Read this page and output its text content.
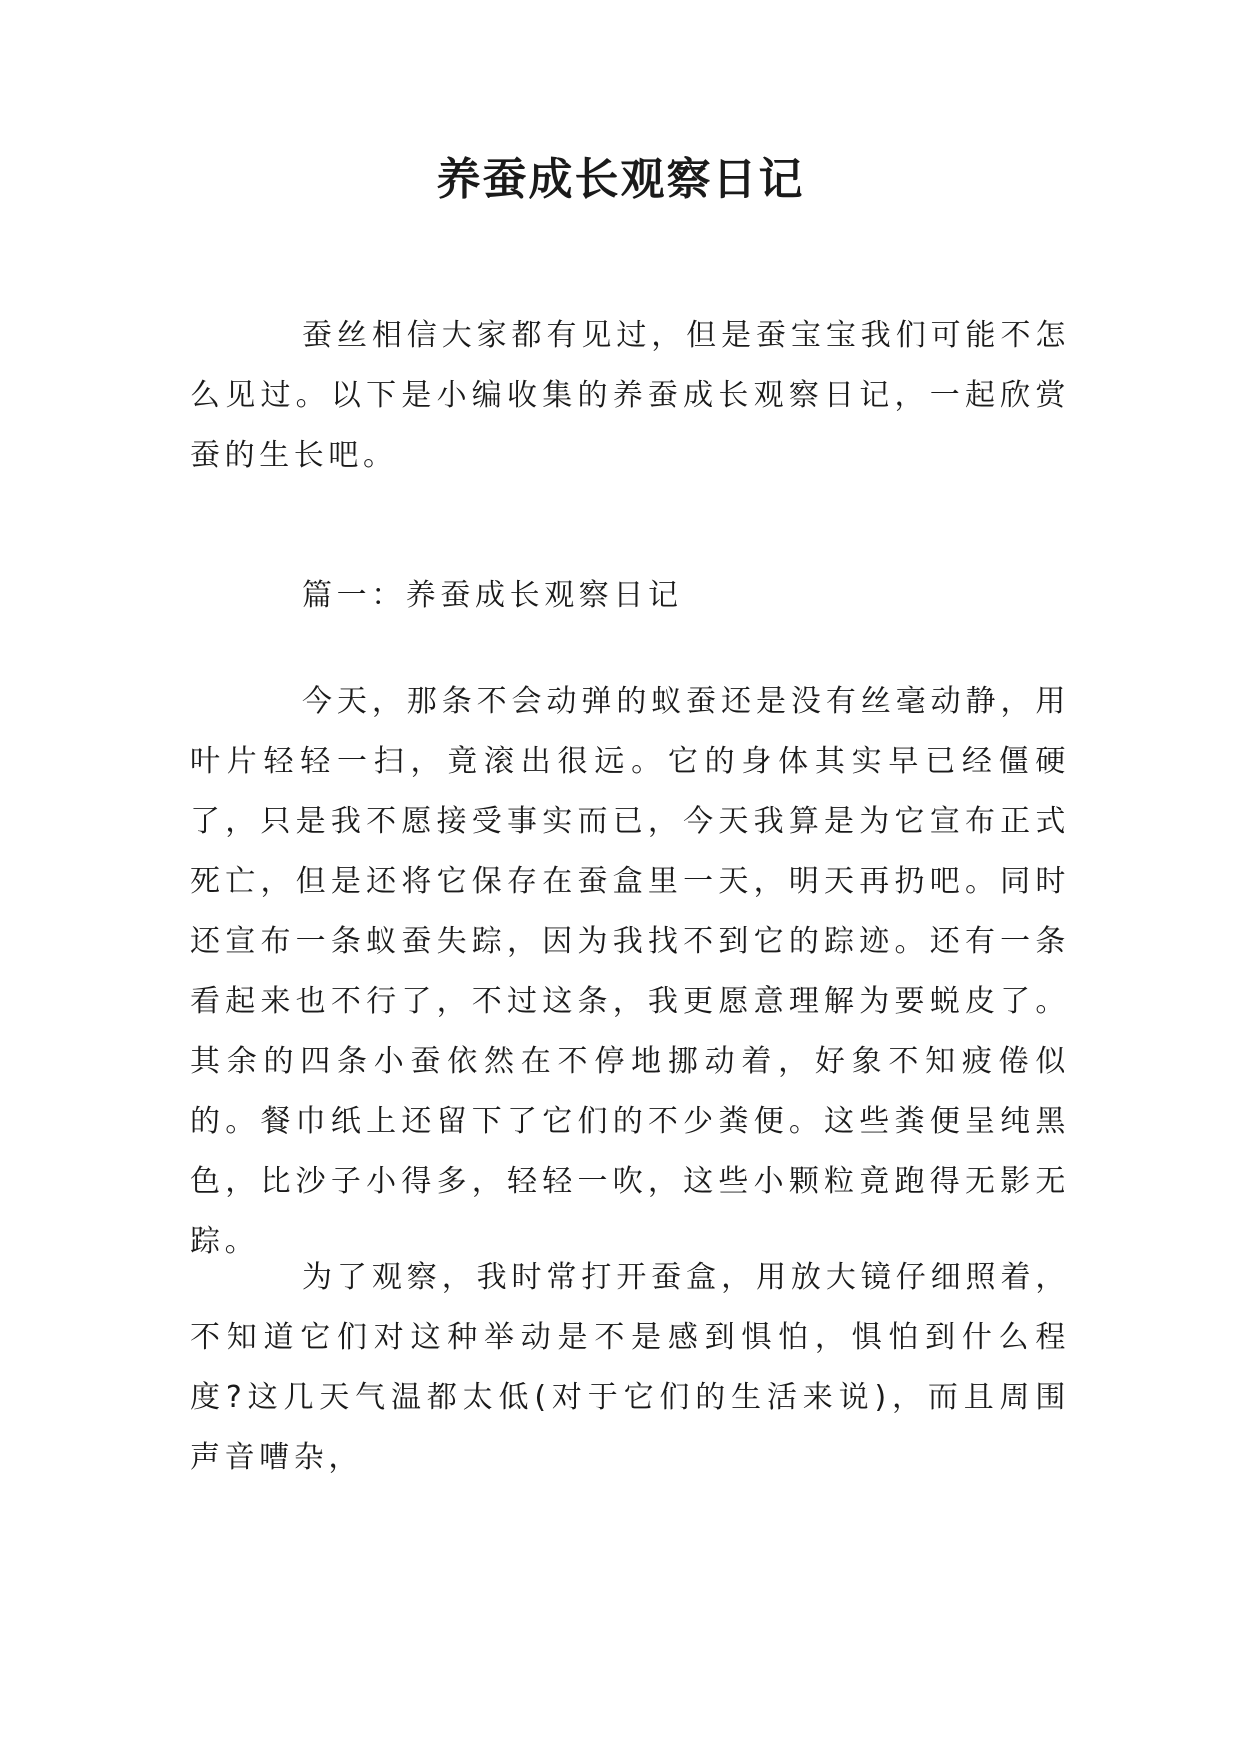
养蚕成长观察日记

蚕丝相信大家都有见过，但是蚕宝宝我们可能不怎么见过。以下是小编收集的养蚕成长观察日记，一起欣赏蚕的生长吧。

篇一：养蚕成长观察日记

今天，那条不会动弹的蚁蚕还是没有丝毫动静，用叶片轻轻一扫，竟滚出很远。它的身体其实早已经僵硬了，只是我不愿接受事实而已，今天我算是为它宣布正式死亡，但是还将它保存在蚕盒里一天，明天再扔吧。同时还宣布一条蚁蚕失踪，因为我找不到它的踪迹。还有一条看起来也不行了，不过这条，我更愿意理解为要蜕皮了。 其余的四条小蚕依然在不停地挪动着，好象不知疲倦似的。餐巾纸上还留下了它们的不少粪便。这些粪便呈纯黑色，比沙子小得多，轻轻一吹，这些小颗粒竟跑得无影无踪。

为了观察，我时常打开蚕盒，用放大镜仔细照着，不知道它们对这种举动是不是感到惧怕，惧怕到什么程度?这几天气温都太低(对于它们的生活来说)，而且周围声音嘈杂，
